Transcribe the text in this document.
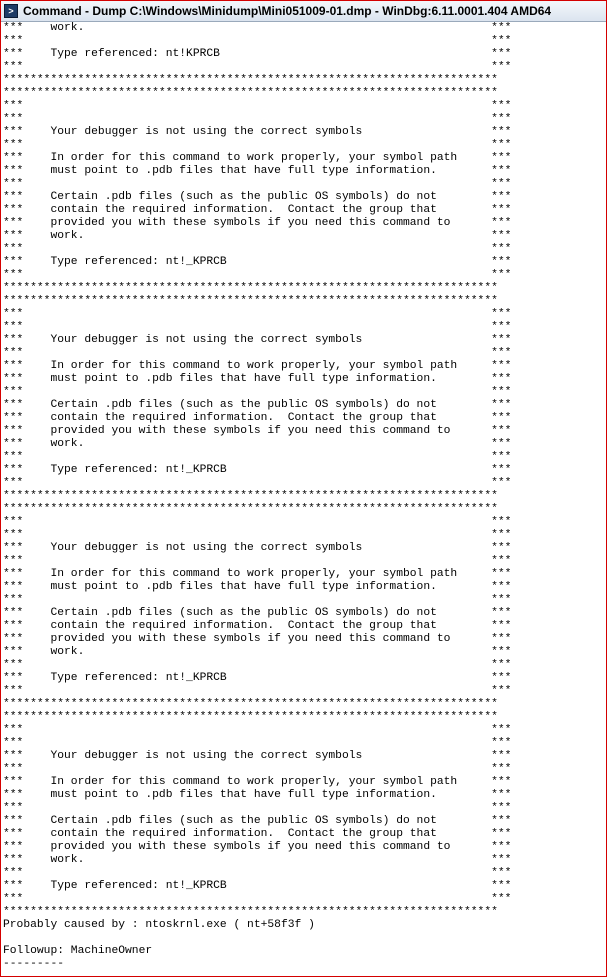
> Command - Dump C:\Windows\Minidump\Mini051009-01.dmp - WinDbg:6.11.0001.404 AMD64
***    work.                                                            ***
***                                                                     ***
***    Type referenced: nt!KPRCB                                        ***
***                                                                     ***
*************************************************************************
*************************************************************************
***                                                                     ***
***                                                                     ***
***    Your debugger is not using the correct symbols                   ***
***                                                                     ***
***    In order for this command to work properly, your symbol path     ***
***    must point to .pdb files that have full type information.        ***
***                                                                     ***
***    Certain .pdb files (such as the public OS symbols) do not        ***
***    contain the required information.  Contact the group that        ***
***    provided you with these symbols if you need this command to      ***
***    work.                                                            ***
***                                                                     ***
***    Type referenced: nt!_KPRCB                                       ***
***                                                                     ***
*************************************************************************
*************************************************************************
***                                                                     ***
***                                                                     ***
***    Your debugger is not using the correct symbols                   ***
***                                                                     ***
***    In order for this command to work properly, your symbol path     ***
***    must point to .pdb files that have full type information.        ***
***                                                                     ***
***    Certain .pdb files (such as the public OS symbols) do not        ***
***    contain the required information.  Contact the group that        ***
***    provided you with these symbols if you need this command to      ***
***    work.                                                            ***
***                                                                     ***
***    Type referenced: nt!_KPRCB                                       ***
***                                                                     ***
*************************************************************************
*************************************************************************
***                                                                     ***
***                                                                     ***
***    Your debugger is not using the correct symbols                   ***
***                                                                     ***
***    In order for this command to work properly, your symbol path     ***
***    must point to .pdb files that have full type information.        ***
***                                                                     ***
***    Certain .pdb files (such as the public OS symbols) do not        ***
***    contain the required information.  Contact the group that        ***
***    provided you with these symbols if you need this command to      ***
***    work.                                                            ***
***                                                                     ***
***    Type referenced: nt!_KPRCB                                       ***
***                                                                     ***
*************************************************************************
*************************************************************************
***                                                                     ***
***                                                                     ***
***    Your debugger is not using the correct symbols                   ***
***                                                                     ***
***    In order for this command to work properly, your symbol path     ***
***    must point to .pdb files that have full type information.        ***
***                                                                     ***
***    Certain .pdb files (such as the public OS symbols) do not        ***
***    contain the required information.  Contact the group that        ***
***    provided you with these symbols if you need this command to      ***
***    work.                                                            ***
***                                                                     ***
***    Type referenced: nt!_KPRCB                                       ***
***                                                                     ***
*************************************************************************
Probably caused by : ntoskrnl.exe ( nt+58f3f )
Followup: MachineOwner
---------
